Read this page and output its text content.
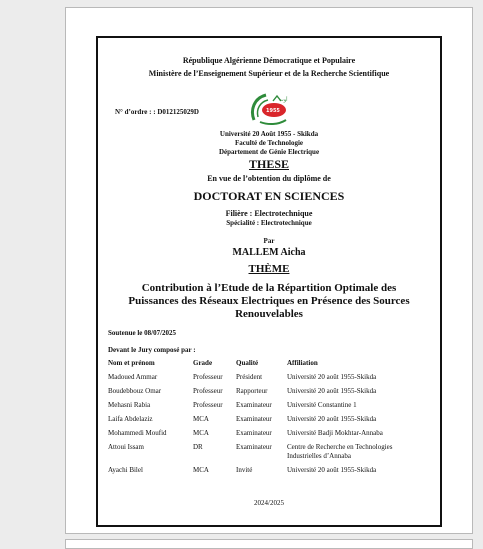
République Algérienne Démocratique et Populaire
Ministère de l’Enseignement Supérieur et de la Recherche Scientifique
N° d’ordre : : D012125029D	1955
أوت
Université 20 Août 1955 - Skikda
Faculté de Technologie
Département de Génie Electrique
THESE
En vue de l’obtention du diplôme de
DOCTORAT EN SCIENCES
Filière : Electrotechnique
Spécialité : Electrotechnique
Par
MALLEM Aicha
THÈME
Contribution à l’Etude de la Répartition Optimale des
Puissances des Réseaux Electriques en Présence des Sources
Renouvelables
Soutenue le 08/07/2025
Devant le Jury composé par :
Nom et prénom	Grade	Qualité	Affiliation
Madoued Ammar	Professeur	Président	Université 20 août 1955-Skikda
Boudebbouz Omar	Professeur	Rapporteur	Université 20 août 1955-Skikda
Mehasni Rabia	Professeur	Examinateur	Université Constantine 1
Laifa Abdelaziz	MCA	Examinateur	Université 20 août 1955-Skikda
Mohammedi Moufid	MCA	Examinateur	Université Badji Mokhtar-Annaba
Attoui Issam	DR	Examinateur	Centre de Recherche en Technologies Industrielles d’Annaba
Ayachi Bilel	MCA	Invité	Université 20 août 1955-Skikda
2024/2025
